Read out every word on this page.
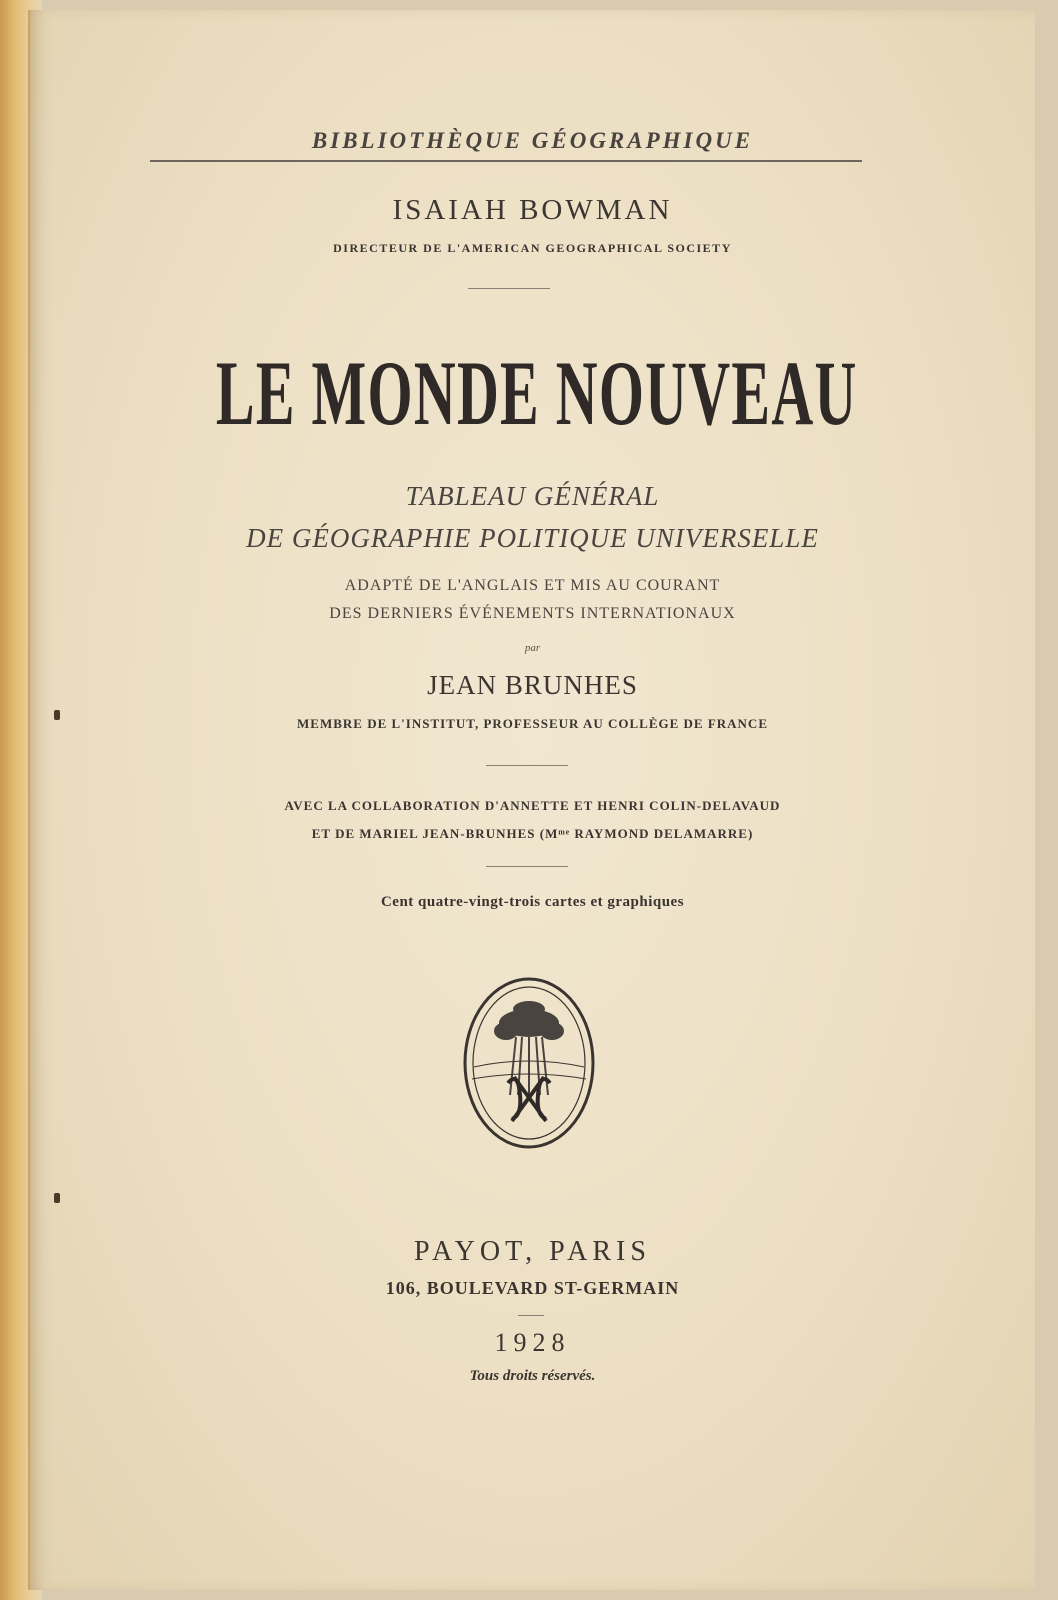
BIBLIOTHÈQUE GÉOGRAPHIQUE
ISAIAH BOWMAN
DIRECTEUR DE L'AMERICAN GEOGRAPHICAL SOCIETY
LE MONDE NOUVEAU
TABLEAU GÉNÉRAL
DE GÉOGRAPHIE POLITIQUE UNIVERSELLE
ADAPTÉ DE L'ANGLAIS ET MIS AU COURANT
DES DERNIERS ÉVÉNEMENTS INTERNATIONAUX
par
JEAN BRUNHES
MEMBRE DE L'INSTITUT, PROFESSEUR AU COLLÈGE DE FRANCE
AVEC LA COLLABORATION D'ANNETTE ET HENRI COLIN-DELAVAUD
ET DE MARIEL JEAN-BRUNHES (Mᵐᵉ RAYMOND DELAMARRE)
Cent quatre-vingt-trois cartes et graphiques
PAYOT, PARIS
106, BOULEVARD ST-GERMAIN
1928
Tous droits réservés.
